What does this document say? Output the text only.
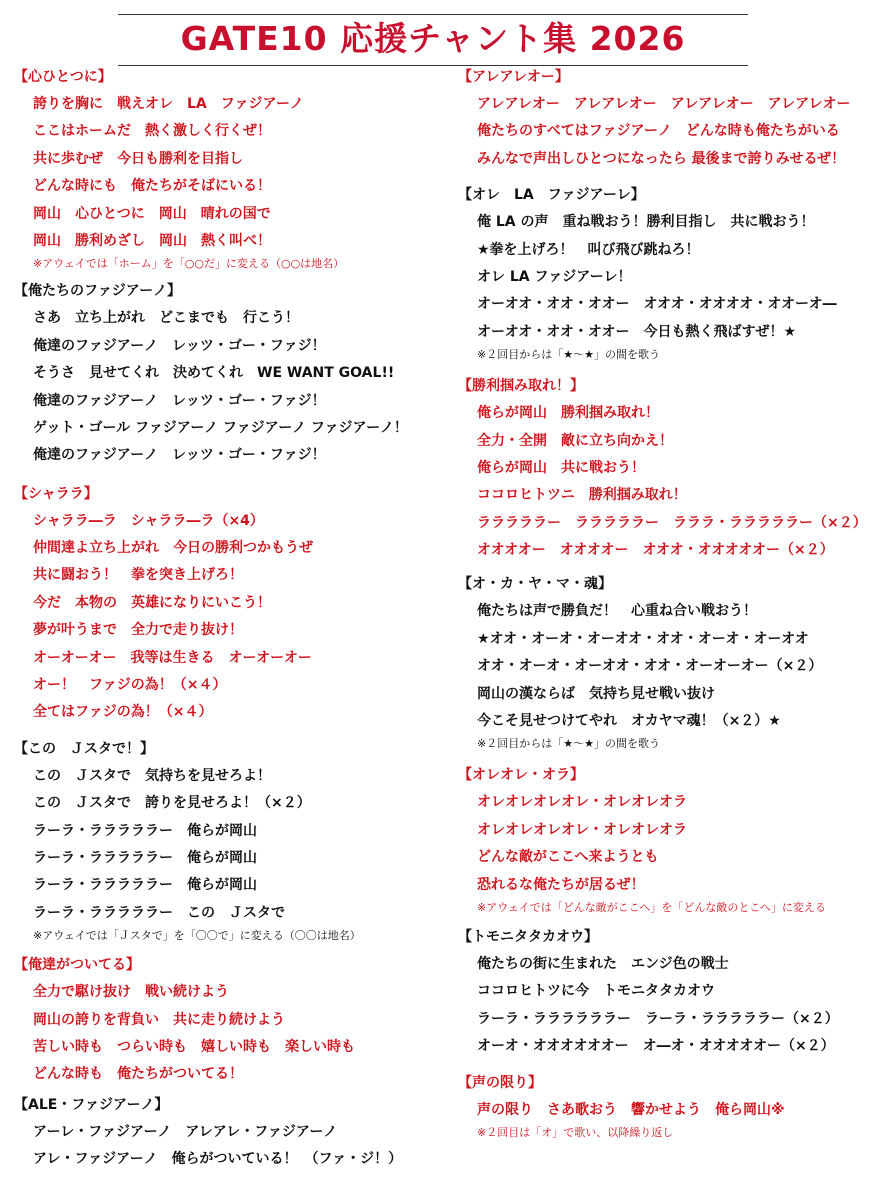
GATE10 応援チャント集 2026
【心ひとつに】
誇りを胸に　戦えオレ　LA　ファジアーノ
ここはホームだ　熱く激しく行くぜ！
共に歩むぜ　今日も勝利を目指し
どんな時にも　俺たちがそばにいる！
岡山　心ひとつに　岡山　晴れの国で
岡山　勝利めざし　岡山　熱く叫べ！
※アウェイでは「ホーム」を「○○だ」に変える（○○は地名）
【俺たちのファジアーノ】
さあ　立ち上がれ　どこまでも　行こう！
俺達のファジアーノ　レッツ・ゴー・ファジ！
そうさ　見せてくれ　決めてくれ　WE WANT GOAL!!
俺達のファジアーノ　レッツ・ゴー・ファジ！
ゲット・ゴール ファジアーノ ファジアーノ ファジアーノ！
俺達のファジアーノ　レッツ・ゴー・ファジ！
【シャララ】
シャララ―ラ　シャララ―ラ（×4）
仲間達よ立ち上がれ　今日の勝利つかもうぜ
共に闘おう！　拳を突き上げろ！
今だ　本物の　英雄になりにいこう！
夢が叶うまで　全力で走り抜け！
オーオーオー　我等は生きる　オーオーオー
オー！　ファジの為！（×４）
全てはファジの為！（×４）
【この　Ｊスタで！】
この　Ｊスタで　気持ちを見せろよ！
この　Ｊスタで　誇りを見せろよ！（×２）
ラーラ・ラララララー　俺らが岡山
ラーラ・ラララララー　俺らが岡山
ラーラ・ラララララー　俺らが岡山
ラーラ・ラララララー　この　Ｊスタで
※アウェイでは「Ｊスタで」を「〇〇で」に変える（〇〇は地名）
【俺達がついてる】
全力で駆け抜け　戦い続けよう
岡山の誇りを背負い　共に走り続けよう
苦しい時も　つらい時も　嬉しい時も　楽しい時も
どんな時も　俺たちがついてる！
【ALE・ファジアーノ】
アーレ・ファジアーノ　アレアレ・ファジアーノ
アレ・ファジアーノ　俺らがついている！　（ファ・ジ！）
【アレアレオー】
アレアレオー　アレアレオー　アレアレオー　アレアレオー
俺たちのすべてはファジアーノ　どんな時も俺たちがいる
みんなで声出しひとつになったら 最後まで誇りみせるぜ！
【オレ　LA　ファジアーレ】
俺 LA の声　重ね戦おう！勝利目指し　共に戦おう！
★拳を上げろ！　叫び飛び跳ねろ！
オレ LA ファジアーレ！
オーオオ・オオ・オオー　オオオ・オオオオ・オオーオ―
オーオオ・オオ・オオー　今日も熱く飛ばすぜ！★
※２回目からは「★～★」の間を歌う
【勝利掴み取れ！】
俺らが岡山　勝利掴み取れ！
全力・全開　敵に立ち向かえ！
俺らが岡山　共に戦おう！
ココロヒトツニ　勝利掴み取れ！
ラララララー　ラララララー　ラララ・ラララララー（×２）
オオオオー　オオオオー　オオオ・オオオオオー（×２）
【オ・カ・ヤ・マ・魂】
俺たちは声で勝負だ！　心重ね合い戦おう！
★オオ・オーオ・オーオオ・オオ・オーオ・オーオオ
オオ・オーオ・オーオオ・オオ・オーオーオー（×２）
岡山の漢ならば　気持ち見せ戦い抜け
今こそ見せつけてやれ　オカヤマ魂！（×２）★
※２回目からは「★～★」の間を歌う
【オレオレ・オラ】
オレオレオレオレ・オレオレオラ
オレオレオレオレ・オレオレオラ
どんな敵がここへ来ようとも
恐れるな俺たちが居るぜ！
※アウェイでは「どんな敵がここへ」を「どんな敵のとこへ」に変える
【トモニタタカオウ】
俺たちの街に生まれた　エンジ色の戦士
ココロヒトツに今　トモニタタカオウ
ラーラ・ララララララー　ラーラ・ラララララー（×２）
オーオ・オオオオオオー　オ―オ・オオオオオー（×２）
【声の限り】
声の限り　さあ歌おう　響かせよう　俺ら岡山※
※２回目は「オ」で歌い、以降繰り返し
